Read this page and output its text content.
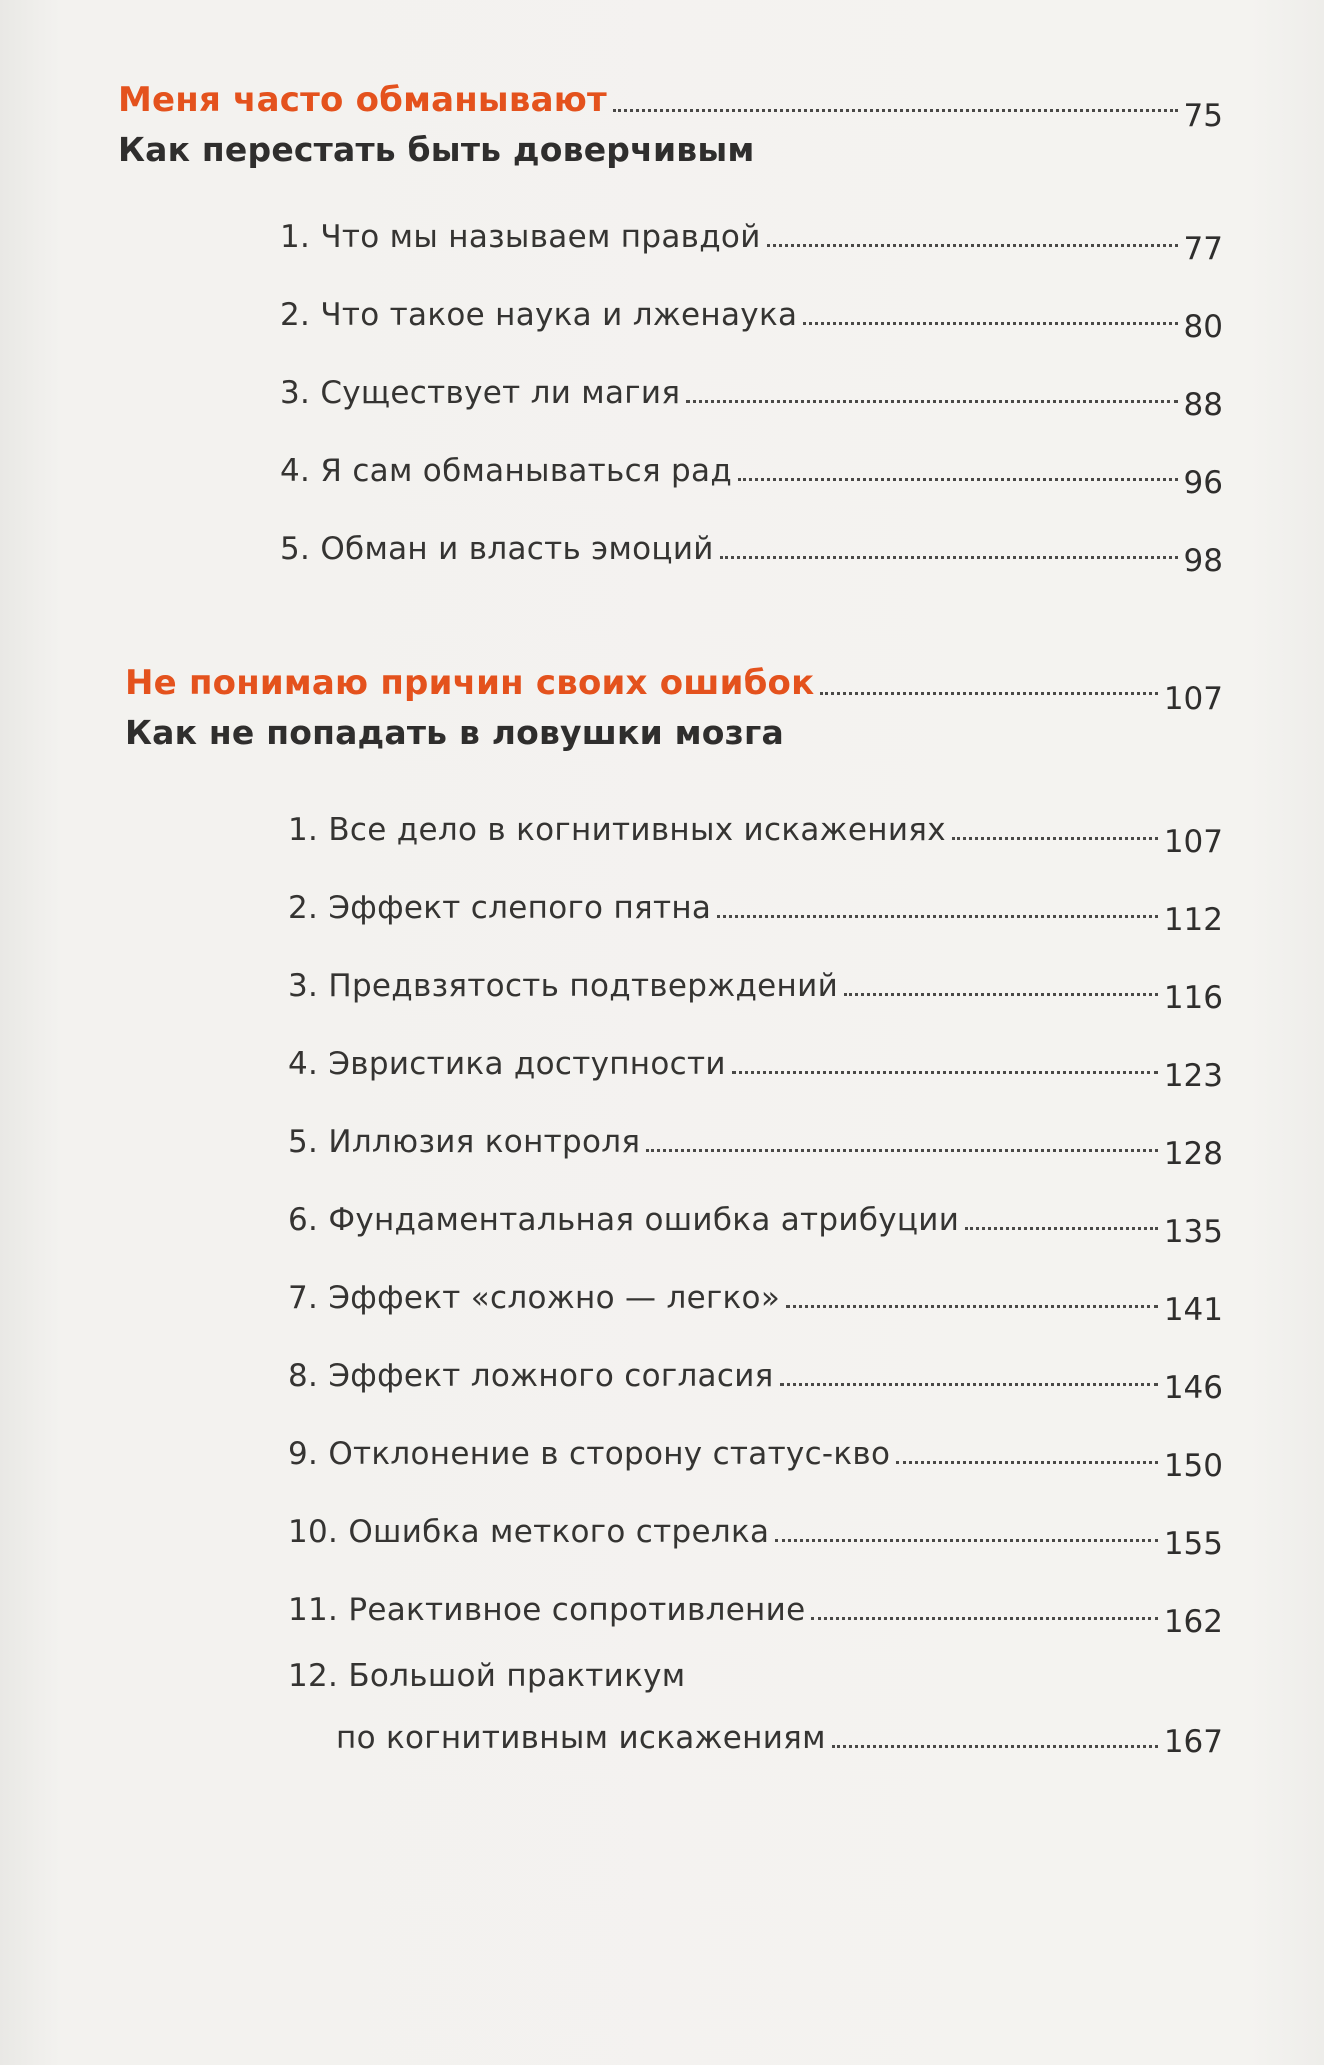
Меня часто обманывают	75
Как перестать быть доверчивым
1. Что мы называем правдой	77
2. Что такое наука и лженаука	80
3. Существует ли магия	88
4. Я сам обманываться рад	96
5. Обман и власть эмоций	98
Не понимаю причин своих ошибок	107
Как не попадать в ловушки мозга
1. Все дело в когнитивных искажениях	107
2. Эффект слепого пятна	112
3. Предвзятость подтверждений	116
4. Эвристика доступности	123
5. Иллюзия контроля	128
6. Фундаментальная ошибка атрибуции	135
7. Эффект «сложно — легко»	141
8. Эффект ложного согласия	146
9. Отклонение в сторону статус-кво	150
10. Ошибка меткого стрелка	155
11. Реактивное сопротивление	162
12. Большой практикум
по когнитивным искажениям	167
